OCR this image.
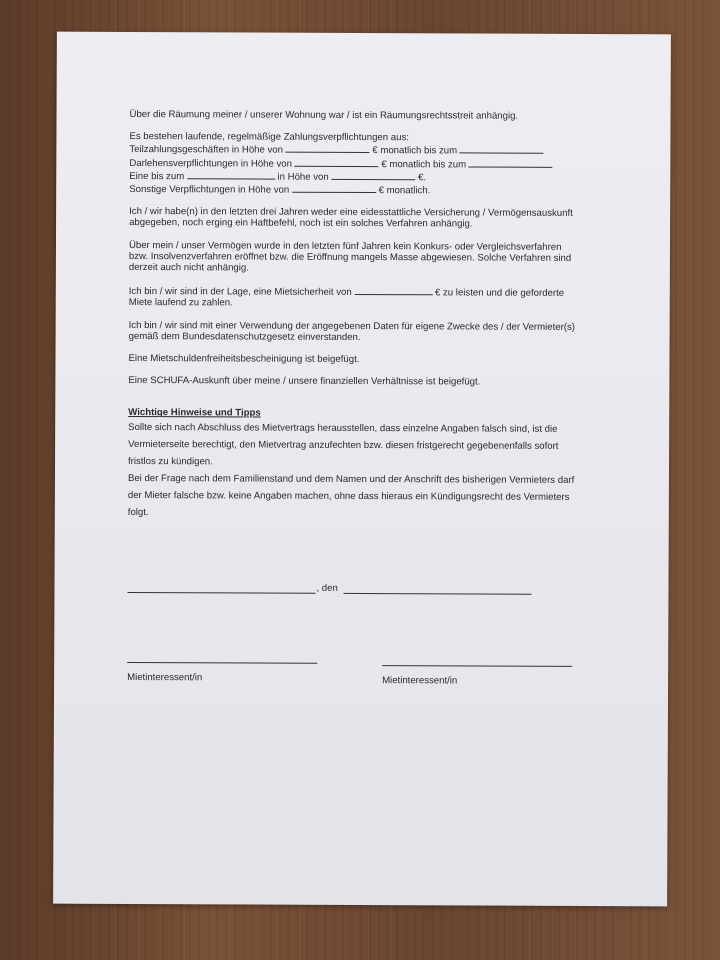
Über die Räumung meiner / unserer Wohnung war / ist ein Räumungsrechtsstreit anhängig.

Es bestehen laufende, regelmäßige Zahlungsverpflichtungen aus:

Teilzahlungsgeschäften in Höhe von	€ monatlich bis zum

Darlehensverpflichtungen in Höhe von	€ monatlich bis zum

Eine bis zum	in Höhe von	€.

Sonstige Verpflichtungen in Höhe von	€ monatlich.

Ich / wir habe(n) in den letzten drei Jahren weder eine eidesstattliche Versicherung / Vermögensauskunft

abgegeben, noch erging ein Haftbefehl, noch ist ein solches Verfahren anhängig.

Über mein / unser Vermögen wurde in den letzten fünf Jahren kein Konkurs- oder Vergleichsverfahren

bzw. Insolvenzverfahren eröffnet bzw. die Eröffnung mangels Masse abgewiesen. Solche Verfahren sind

derzeit auch nicht anhängig.

Ich bin / wir sind in der Lage, eine Mietsicherheit von	€ zu leisten und die geforderte

Miete laufend zu zahlen.

Ich bin / wir sind mit einer Verwendung der angegebenen Daten für eigene Zwecke des / der Vermieter(s)

gemäß dem Bundesdatenschutzgesetz einverstanden.

Eine Mietschuldenfreiheitsbescheinigung ist beigefügt.

Eine SCHUFA-Auskunft über meine / unsere finanziellen Verhältnisse ist beigefügt.

Wichtige Hinweise und Tipps

Sollte sich nach Abschluss des Mietvertrags herausstellen, dass einzelne Angaben falsch sind, ist die

Vermieterseite berechtigt, den Mietvertrag anzufechten bzw. diesen fristgerecht gegebenenfalls sofort

fristlos zu kündigen.

Bei der Frage nach dem Familienstand und dem Namen und der Anschrift des bisherigen Vermieters darf

der Mieter falsche bzw. keine Angaben machen, ohne dass hieraus ein Kündigungsrecht des Vermieters

folgt.

, den
Mietinteressent/in	Mietinteressent/in
